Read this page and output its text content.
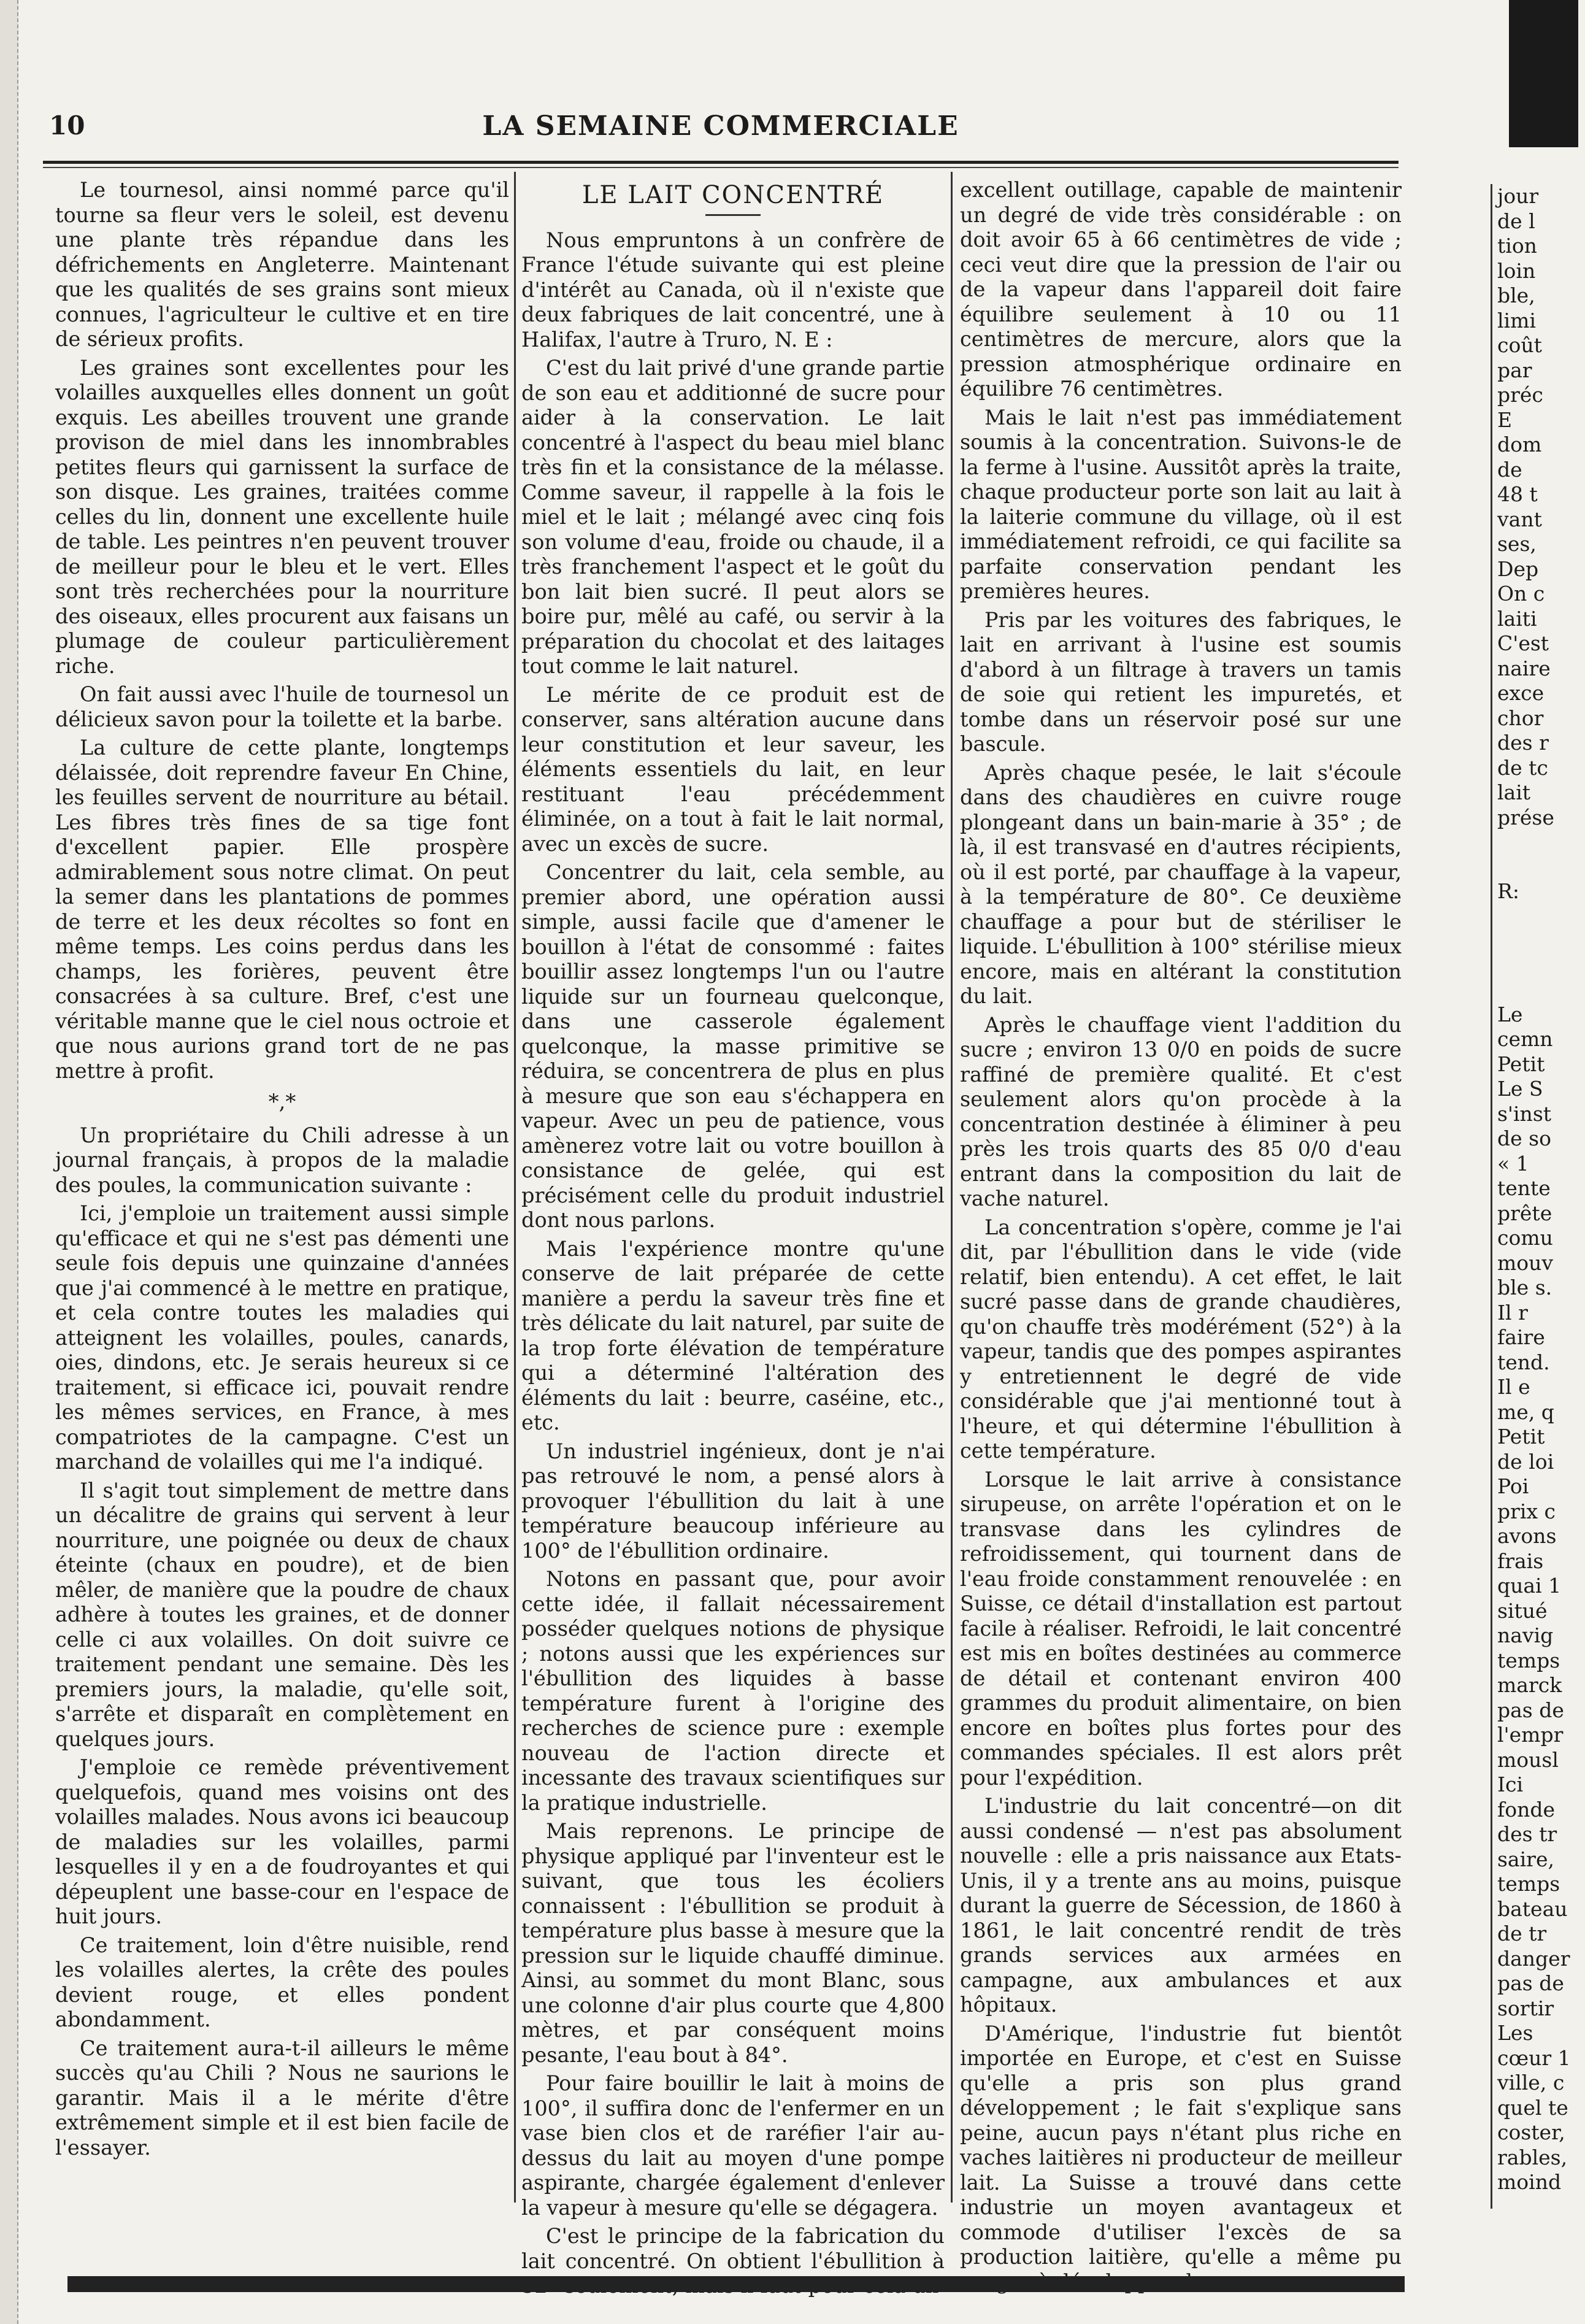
10	LA SEMAINE COMMERCIALE

Le tournesol, ainsi nommé parce qu'il tourne sa fleur vers le soleil, est devenu une plante très répandue dans les défrichements en Angleterre. Maintenant que les qualités de ses grains sont mieux connues, l'agriculteur le cultive et en tire de sérieux profits.

Les graines sont excellentes pour les volailles auxquelles elles donnent un goût exquis. Les abeilles trouvent une grande provison de miel dans les innombrables petites fleurs qui garnissent la surface de son disque. Les graines, traitées comme celles du lin, donnent une excellente huile de table. Les peintres n'en peuvent trouver de meilleur pour le bleu et le vert. Elles sont très recherchées pour la nourriture des oiseaux, elles procurent aux faisans un plumage de couleur particulièrement riche.

On fait aussi avec l'huile de tournesol un délicieux savon pour la toilette et la barbe.

La culture de cette plante, longtemps délaissée, doit reprendre faveur En Chine, les feuilles servent de nourriture au bétail. Les fibres très fines de sa tige font d'excellent papier. Elle prospère admirablement sous notre climat. On peut la semer dans les plantations de pommes de terre et les deux récoltes so font en même temps. Les coins perdus dans les champs, les forières, peuvent être consacrées à sa culture. Bref, c'est une véritable manne que le ciel nous octroie et que nous aurions grand tort de ne pas mettre à profit.

*,*

Un propriétaire du Chili adresse à un journal français, à propos de la maladie des poules, la communication suivante :

Ici, j'emploie un traitement aussi simple qu'efficace et qui ne s'est pas démenti une seule fois depuis une quinzaine d'années que j'ai commencé à le mettre en pratique, et cela contre toutes les maladies qui atteignent les volailles, poules, canards, oies, dindons, etc. Je serais heureux si ce traitement, si efficace ici, pouvait rendre les mêmes services, en France, à mes compatriotes de la campagne. C'est un marchand de volailles qui me l'a indiqué.

Il s'agit tout simplement de mettre dans un décalitre de grains qui servent à leur nourriture, une poignée ou deux de chaux éteinte (chaux en poudre), et de bien mêler, de manière que la poudre de chaux adhère à toutes les graines, et de donner celle ci aux volailles. On doit suivre ce traitement pendant une semaine. Dès les premiers jours, la maladie, qu'elle soit, s'arrête et disparaît en complètement en quelques jours.

J'emploie ce remède préventivement quelquefois, quand mes voisins ont des volailles malades. Nous avons ici beaucoup de maladies sur les volailles, parmi lesquelles il y en a de foudroyantes et qui dépeuplent une basse-cour en l'espace de huit jours.

Ce traitement, loin d'être nuisible, rend les volailles alertes, la crête des poules devient rouge, et elles pondent abondamment.

Ce traitement aura-t-il ailleurs le même succès qu'au Chili ? Nous ne saurions le garantir. Mais il a le mérite d'être extrêmement simple et il est bien facile de l'essayer.

LE LAIT CONCENTRÉ

Nous empruntons à un confrère de France l'étude suivante qui est pleine d'intérêt au Canada, où il n'existe que deux fabriques de lait concentré, une à Halifax, l'autre à Truro, N. E :

C'est du lait privé d'une grande partie de son eau et additionné de sucre pour aider à la conservation. Le lait concentré à l'aspect du beau miel blanc très fin et la consistance de la mélasse. Comme saveur, il rappelle à la fois le miel et le lait ; mélangé avec cinq fois son volume d'eau, froide ou chaude, il a très franchement l'aspect et le goût du bon lait bien sucré. Il peut alors se boire pur, mêlé au café, ou servir à la préparation du chocolat et des laitages tout comme le lait naturel.

Le mérite de ce produit est de conserver, sans altération aucune dans leur constitution et leur saveur, les éléments essentiels du lait, en leur restituant l'eau précédemment éliminée, on a tout à fait le lait normal, avec un excès de sucre.

Concentrer du lait, cela semble, au premier abord, une opération aussi simple, aussi facile que d'amener le bouillon à l'état de consommé : faites bouillir assez longtemps l'un ou l'autre liquide sur un fourneau quelconque, dans une casserole également quelconque, la masse primitive se réduira, se concentrera de plus en plus à mesure que son eau s'échappera en vapeur. Avec un peu de patience, vous amènerez votre lait ou votre bouillon à consistance de gelée, qui est précisément celle du produit industriel dont nous parlons.

Mais l'expérience montre qu'une conserve de lait préparée de cette manière a perdu la saveur très fine et très délicate du lait naturel, par suite de la trop forte élévation de température qui a déterminé l'altération des éléments du lait : beurre, caséine, etc., etc.

Un industriel ingénieux, dont je n'ai pas retrouvé le nom, a pensé alors à provoquer l'ébullition du lait à une température beaucoup inférieure au 100° de l'ébullition ordinaire.

Notons en passant que, pour avoir cette idée, il fallait nécessairement posséder quelques notions de physique ; notons aussi que les expériences sur l'ébullition des liquides à basse température furent à l'origine des recherches de science pure : exemple nouveau de l'action directe et incessante des travaux scientifiques sur la pratique industrielle.

Mais reprenons. Le principe de physique appliqué par l'inventeur est le suivant, que tous les écoliers connaissent : l'ébullition se produit à température plus basse à mesure que la pression sur le liquide chauffé diminue. Ainsi, au sommet du mont Blanc, sous une colonne d'air plus courte que 4,800 mètres, et par conséquent moins pesante, l'eau bout à 84°.

Pour faire bouillir le lait à moins de 100°, il suffira donc de l'enfermer en un vase bien clos et de raréfier l'air au-dessus du lait au moyen d'une pompe aspirante, chargée également d'enlever la vapeur à mesure qu'elle se dégagera.

C'est le principe de la fabrication du lait concentré. On obtient l'ébullition à

excellent outillage, capable de maintenir un degré de vide très considérable : on doit avoir 65 à 66 centimètres de vide ; ceci veut dire que la pression de l'air ou de la vapeur dans l'appareil doit faire équilibre seulement à 10 ou 11 centimètres de mercure, alors que la pression atmosphérique ordinaire en équilibre 76 centimètres.

Mais le lait n'est pas immédiatement soumis à la concentration. Suivons-le de la ferme à l'usine. Aussitôt après la traite, chaque producteur porte son lait au lait à la laiterie commune du village, où il est immédiatement refroidi, ce qui facilite sa parfaite conservation pendant les premières heures.

Pris par les voitures des fabriques, le lait en arrivant à l'usine est soumis d'abord à un filtrage à travers un tamis de soie qui retient les impuretés, et tombe dans un réservoir posé sur une bascule.

Après chaque pesée, le lait s'écoule dans des chaudières en cuivre rouge plongeant dans un bain-marie à 35° ; de là, il est transvasé en d'autres récipients, où il est porté, par chauffage à la vapeur, à la température de 80°. Ce deuxième chauffage a pour but de stériliser le liquide. L'ébullition à 100° stérilise mieux encore, mais en altérant la constitution du lait.

Après le chauffage vient l'addition du sucre ; environ 13 0/0 en poids de sucre raffiné de première qualité. Et c'est seulement alors qu'on procède à la concentration destinée à éliminer à peu près les trois quarts des 85 0/0 d'eau entrant dans la composition du lait de vache naturel.

La concentration s'opère, comme je l'ai dit, par l'ébullition dans le vide (vide relatif, bien entendu). A cet effet, le lait sucré passe dans de grande chaudières, qu'on chauffe très modérément (52°) à la vapeur, tandis que des pompes aspirantes y entretiennent le degré de vide considérable que j'ai mentionné tout à l'heure, et qui détermine l'ébullition à cette température.

Lorsque le lait arrive à consistance sirupeuse, on arrête l'opération et on le transvase dans les cylindres de refroidissement, qui tournent dans de l'eau froide constamment renouvelée : en Suisse, ce détail d'installation est partout facile à réaliser. Refroidi, le lait concentré est mis en boîtes destinées au commerce de détail et contenant environ 400 grammes du produit alimentaire, on bien encore en boîtes plus fortes pour des commandes spéciales. Il est alors prêt pour l'expédition.

L'industrie du lait concentré—on dit aussi condensé — n'est pas absolument nouvelle : elle a pris naissance aux Etats-Unis, il y a trente ans au moins, puisque durant la guerre de Sécession, de 1860 à 1861, le lait concentré rendit de très grands services aux armées en campagne, aux ambulances et aux hôpitaux.

D'Amérique, l'industrie fut bientôt importée en Europe, et c'est en Suisse qu'elle a pris son plus grand développement ; le fait s'explique sans peine, aucun pays n'étant plus riche en vaches laitières ni producteur de meilleur lait. La Suisse a trouvé dans cette industrie un moyen avantageux et commode d'utiliser l'excès de sa production laitière, qu'elle a même pu

jour
de l
tion
loin
ble,
limi
coût
par
préc
E
dom
de
48 t
vant
ses,
Dep
On c
laiti
C'est
naire
exce
chor
des r
de tc
lait
prése
R:
Le
cemn
Petit
Le S
s'inst
de so
« 1
tente
prête
comu
mouv
ble s.
Il r
faire
tend.
Il e
me, q
Petit
de loi
Poi
prix c
avons
frais
quai 1
situé
navig
temps
marck
pas de
l'empr
mousl
Ici
fonde
des tr
saire,
temps
bateau
de tr
danger
pas de
sortir
Les
cœur 1
ville, c
quel te
coster,
rables,
moind
